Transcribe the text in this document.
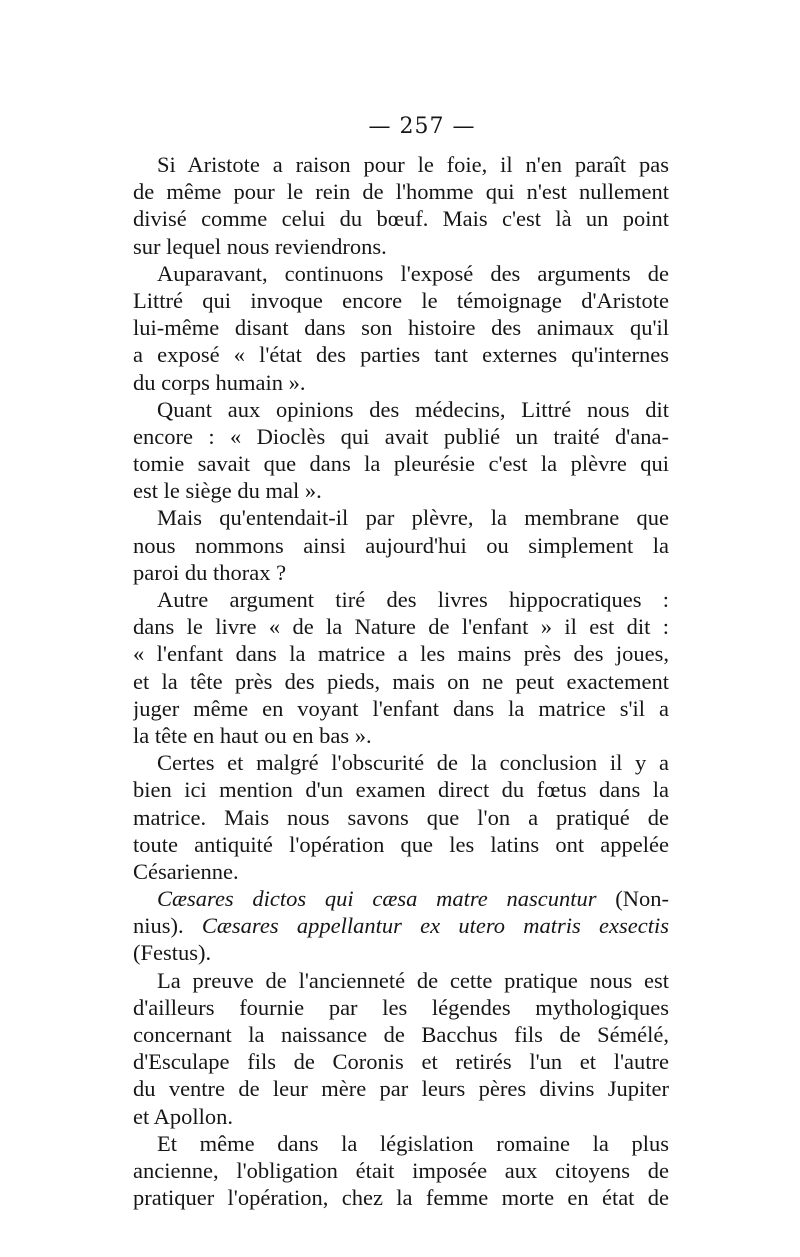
— 257 —
Si Aristote a raison pour le foie, il n'en paraît pas
de même pour le rein de l'homme qui n'est nullement
divisé comme celui du bœuf. Mais c'est là un point
sur lequel nous reviendrons.
Auparavant, continuons l'exposé des arguments de
Littré qui invoque encore le témoignage d'Aristote
lui-même disant dans son histoire des animaux qu'il
a exposé « l'état des parties tant externes qu'internes
du corps humain ».
Quant aux opinions des médecins, Littré nous dit
encore : « Dioclès qui avait publié un traité d'ana-
tomie savait que dans la pleurésie c'est la plèvre qui
est le siège du mal ».
Mais qu'entendait-il par plèvre, la membrane que
nous nommons ainsi aujourd'hui ou simplement la
paroi du thorax ?
Autre argument tiré des livres hippocratiques :
dans le livre « de la Nature de l'enfant » il est dit :
« l'enfant dans la matrice a les mains près des joues,
et la tête près des pieds, mais on ne peut exactement
juger même en voyant l'enfant dans la matrice s'il a
la tête en haut ou en bas ».
Certes et malgré l'obscurité de la conclusion il y a
bien ici mention d'un examen direct du fœtus dans la
matrice. Mais nous savons que l'on a pratiqué de
toute antiquité l'opération que les latins ont appelée
Césarienne.
Cæsares dictos qui cæsa matre nascuntur (Non-
nius). Cæsares appellantur ex utero matris exsectis
(Festus).
La preuve de l'ancienneté de cette pratique nous est
d'ailleurs fournie par les légendes mythologiques
concernant la naissance de Bacchus fils de Sémélé,
d'Esculape fils de Coronis et retirés l'un et l'autre
du ventre de leur mère par leurs pères divins Jupiter
et Apollon.
Et même dans la législation romaine la plus
ancienne, l'obligation était imposée aux citoyens de
pratiquer l'opération, chez la femme morte en état de
